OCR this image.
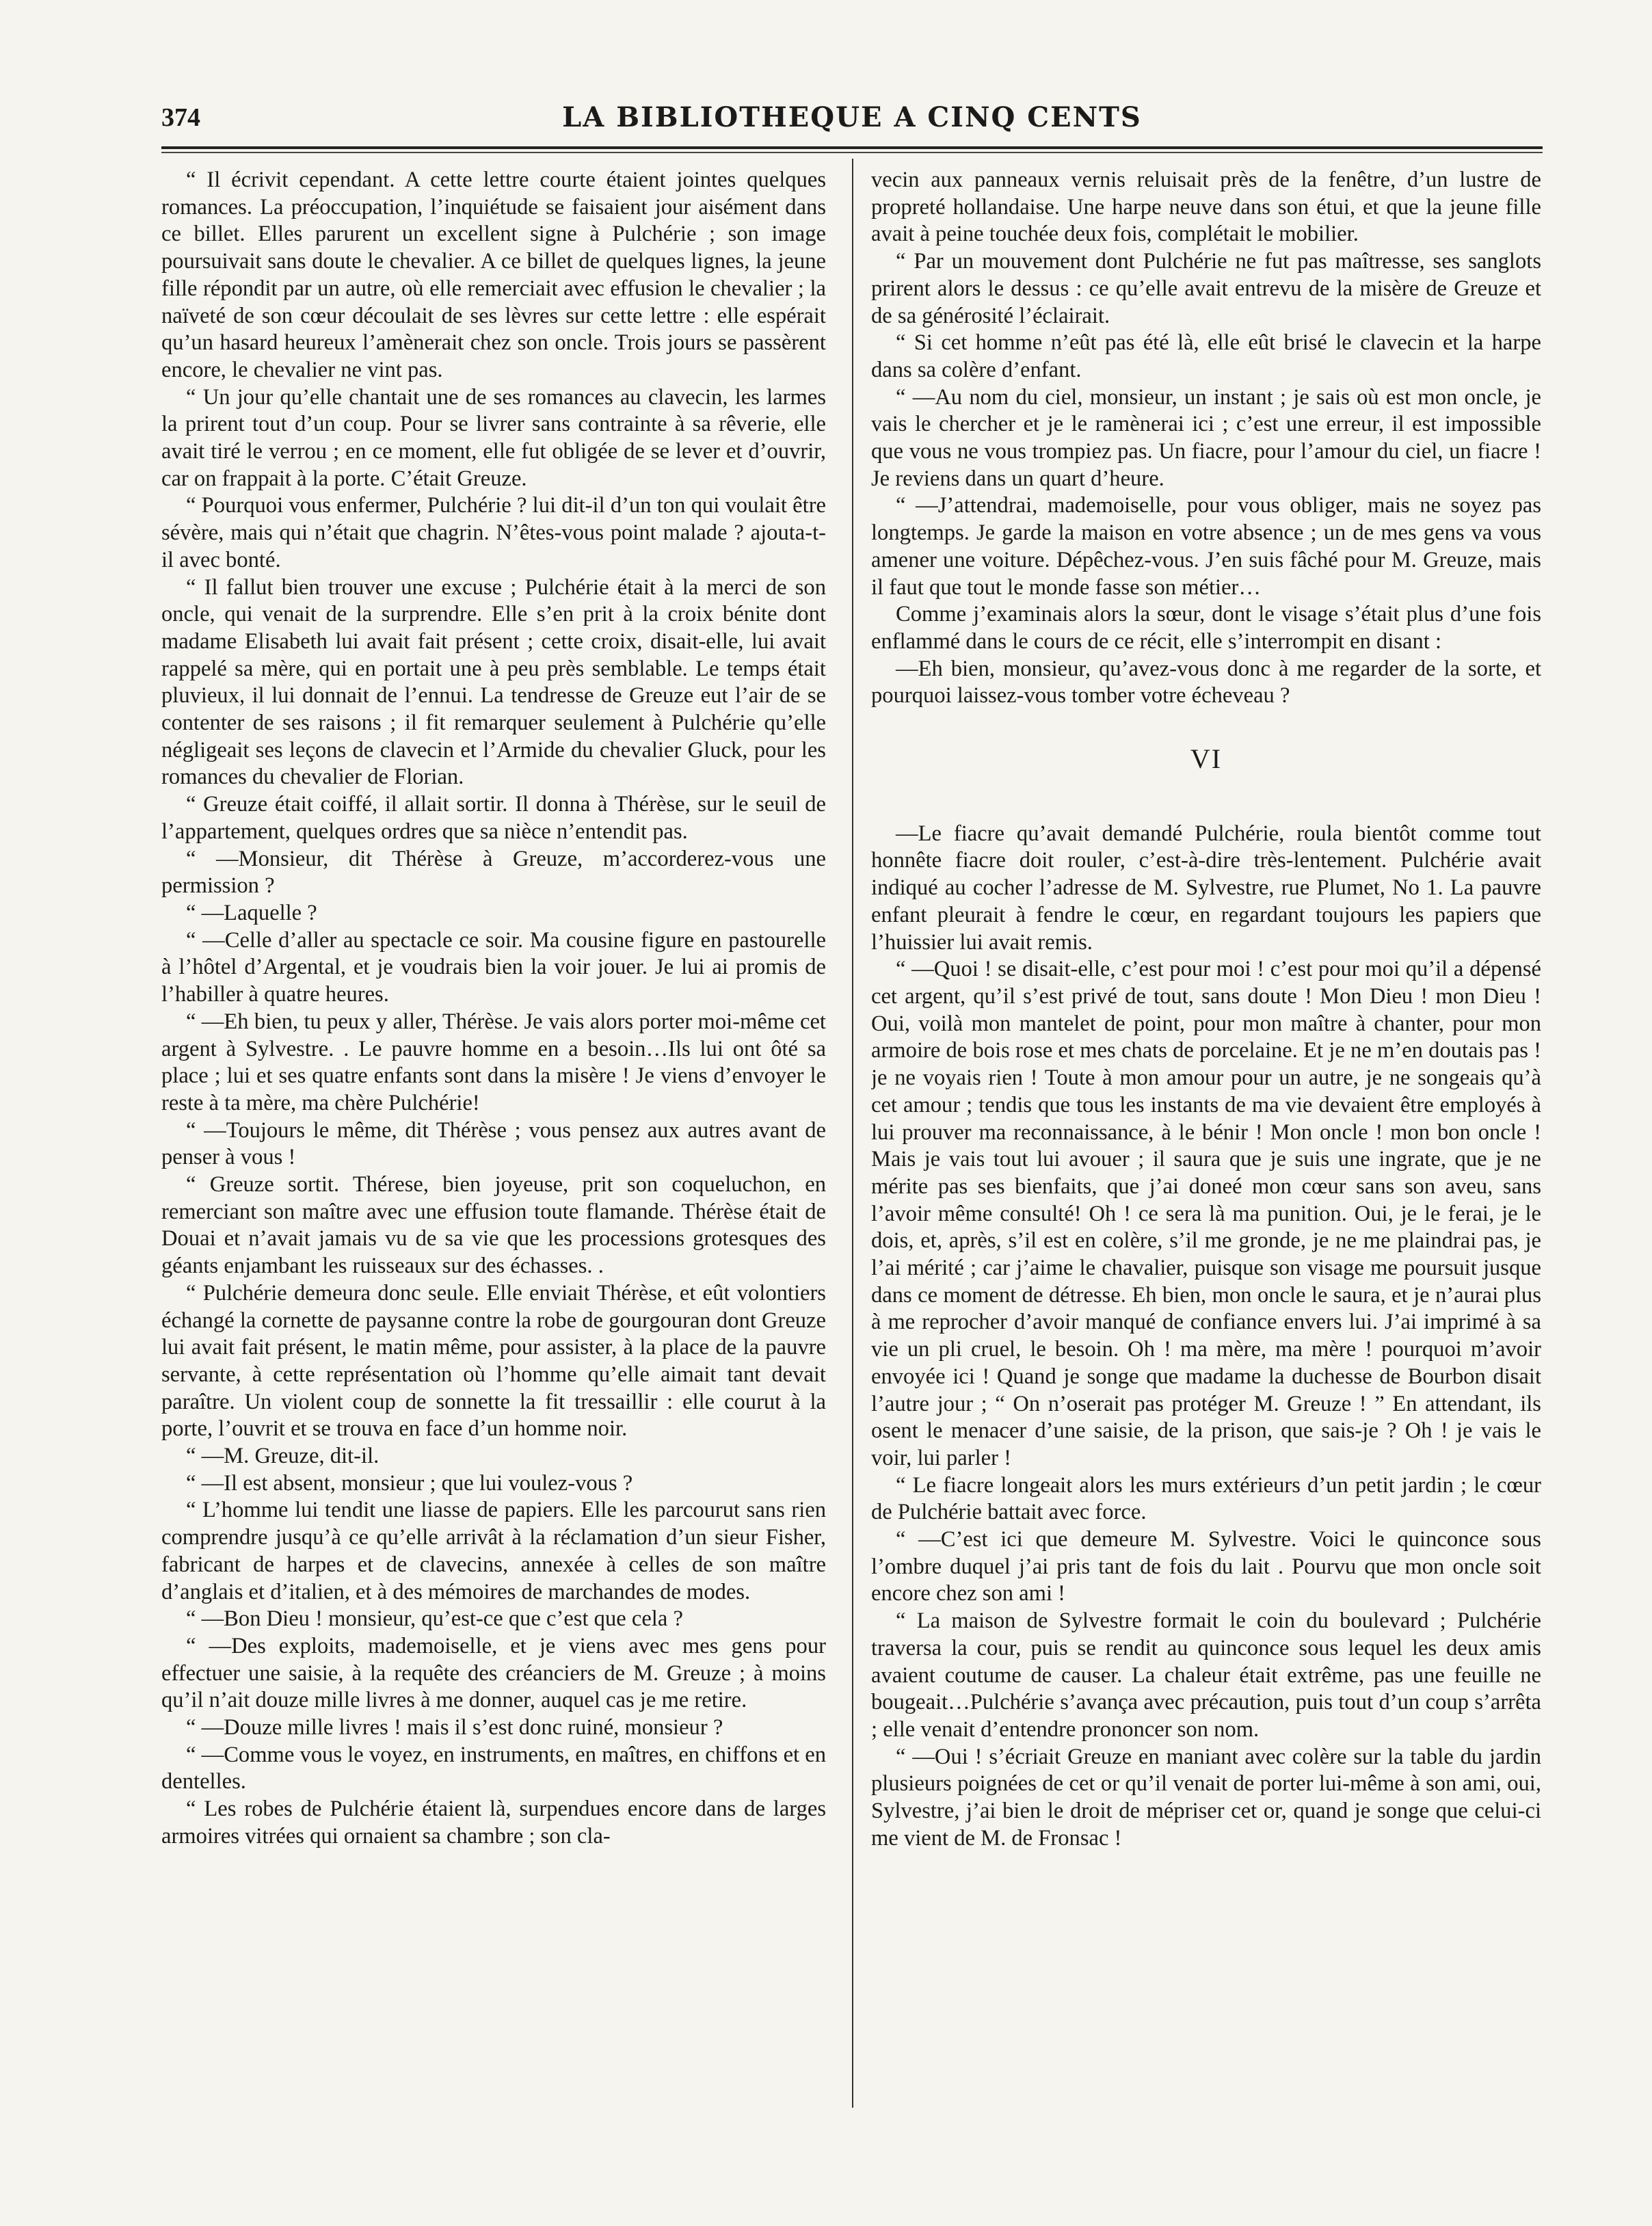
374	LA BIBLIOTHEQUE A CINQ CENTS

“ Il écrivit cependant. A cette lettre courte étaient jointes quelques romances. La préoccupation, l’inquiétude se faisaient jour aisément dans ce billet. Elles parurent un excellent signe à Pulchérie ; son image poursuivait sans doute le chevalier. A ce billet de quelques lignes, la jeune fille répondit par un autre, où elle remerciait avec effusion le chevalier ; la naïveté de son cœur découlait de ses lèvres sur cette lettre : elle espérait qu’un hasard heureux l’amènerait chez son oncle. Trois jours se passèrent encore, le chevalier ne vint pas.

“ Un jour qu’elle chantait une de ses romances au clavecin, les larmes la prirent tout d’un coup. Pour se livrer sans contrainte à sa rêverie, elle avait tiré le verrou ; en ce moment, elle fut obligée de se lever et d’ouvrir, car on frappait à la porte. C’était Greuze.

“ Pourquoi vous enfermer, Pulchérie ? lui dit-il d’un ton qui voulait être sévère, mais qui n’était que chagrin. N’êtes-vous point malade ? ajouta-t-il avec bonté.

“ Il fallut bien trouver une excuse ; Pulchérie était à la merci de son oncle, qui venait de la surprendre. Elle s’en prit à la croix bénite dont madame Elisabeth lui avait fait présent ; cette croix, disait-elle, lui avait rappelé sa mère, qui en portait une à peu près semblable. Le temps était pluvieux, il lui donnait de l’ennui. La tendresse de Greuze eut l’air de se contenter de ses raisons ; il fit remarquer seulement à Pulchérie qu’elle négligeait ses leçons de clavecin et l’Armide du chevalier Gluck, pour les romances du chevalier de Florian.

“ Greuze était coiffé, il allait sortir. Il donna à Thérèse, sur le seuil de l’appartement, quelques ordres que sa nièce n’entendit pas.

“ —Monsieur, dit Thérèse à Greuze, m’accorderez-vous une permission ?

“ —Laquelle ?

“ —Celle d’aller au spectacle ce soir. Ma cousine figure en pastourelle à l’hôtel d’Argental, et je voudrais bien la voir jouer. Je lui ai promis de l’habiller à quatre heures.

“ —Eh bien, tu peux y aller, Thérèse. Je vais alors porter moi-même cet argent à Sylvestre. . Le pauvre homme en a besoin…Ils lui ont ôté sa place ; lui et ses quatre enfants sont dans la misère ! Je viens d’envoyer le reste à ta mère, ma chère Pulchérie!

“ —Toujours le même, dit Thérèse ; vous pensez aux autres avant de penser à vous !

“ Greuze sortit. Thérese, bien joyeuse, prit son coqueluchon, en remerciant son maître avec une effusion toute flamande. Thérèse était de Douai et n’avait jamais vu de sa vie que les processions grotesques des géants enjambant les ruisseaux sur des échasses. .

“ Pulchérie demeura donc seule. Elle enviait Thérèse, et eût volontiers échangé la cornette de paysanne contre la robe de gourgouran dont Greuze lui avait fait présent, le matin même, pour assister, à la place de la pauvre servante, à cette représentation où l’homme qu’elle aimait tant devait paraître. Un violent coup de sonnette la fit tressaillir : elle courut à la porte, l’ouvrit et se trouva en face d’un homme noir.

“ —M. Greuze, dit-il.

“ —Il est absent, monsieur ; que lui voulez-vous ?

“ L’homme lui tendit une liasse de papiers. Elle les parcourut sans rien comprendre jusqu’à ce qu’elle arrivât à la réclamation d’un sieur Fisher, fabricant de harpes et de clavecins, annexée à celles de son maître d’anglais et d’italien, et à des mémoires de marchandes de modes.

“ —Bon Dieu ! monsieur, qu’est-ce que c’est que cela ?

“ —Des exploits, mademoiselle, et je viens avec mes gens pour effectuer une saisie, à la requête des créanciers de M. Greuze ; à moins qu’il n’ait douze mille livres à me donner, auquel cas je me retire.

“ —Douze mille livres ! mais il s’est donc ruiné, monsieur ?

“ —Comme vous le voyez, en instruments, en maîtres, en chiffons et en dentelles.

“ Les robes de Pulchérie étaient là, surpendues encore dans de larges armoires vitrées qui ornaient sa chambre ; son cla-

vecin aux panneaux vernis reluisait près de la fenêtre, d’un lustre de propreté hollandaise. Une harpe neuve dans son étui, et que la jeune fille avait à peine touchée deux fois, complétait le mobilier.

“ Par un mouvement dont Pulchérie ne fut pas maîtresse, ses sanglots prirent alors le dessus : ce qu’elle avait entrevu de la misère de Greuze et de sa générosité l’éclairait.

“ Si cet homme n’eût pas été là, elle eût brisé le clavecin et la harpe dans sa colère d’enfant.

“ —Au nom du ciel, monsieur, un instant ; je sais où est mon oncle, je vais le chercher et je le ramènerai ici ; c’est une erreur, il est impossible que vous ne vous trompiez pas. Un fiacre, pour l’amour du ciel, un fiacre ! Je reviens dans un quart d’heure.

“ —J’attendrai, mademoiselle, pour vous obliger, mais ne soyez pas longtemps. Je garde la maison en votre absence ; un de mes gens va vous amener une voiture. Dépêchez-vous. J’en suis fâché pour M. Greuze, mais il faut que tout le monde fasse son métier…

Comme j’examinais alors la sœur, dont le visage s’était plus d’une fois enflammé dans le cours de ce récit, elle s’interrompit en disant :

—Eh bien, monsieur, qu’avez-vous donc à me regarder de la sorte, et pourquoi laissez-vous tomber votre écheveau ?

VI

—Le fiacre qu’avait demandé Pulchérie, roula bientôt comme tout honnête fiacre doit rouler, c’est-à-dire très-lentement. Pulchérie avait indiqué au cocher l’adresse de M. Sylvestre, rue Plumet, No 1. La pauvre enfant pleurait à fendre le cœur, en regardant toujours les papiers que l’huissier lui avait remis.

“ —Quoi ! se disait-elle, c’est pour moi ! c’est pour moi qu’il a dépensé cet argent, qu’il s’est privé de tout, sans doute ! Mon Dieu ! mon Dieu ! Oui, voilà mon mantelet de point, pour mon maître à chanter, pour mon armoire de bois rose et mes chats de porcelaine. Et je ne m’en doutais pas ! je ne voyais rien ! Toute à mon amour pour un autre, je ne songeais qu’à cet amour ; tendis que tous les instants de ma vie devaient être employés à lui prouver ma reconnaissance, à le bénir ! Mon oncle ! mon bon oncle ! Mais je vais tout lui avouer ; il saura que je suis une ingrate, que je ne mérite pas ses bienfaits, que j’ai doneé mon cœur sans son aveu, sans l’avoir même consulté! Oh ! ce sera là ma punition. Oui, je le ferai, je le dois, et, après, s’il est en colère, s’il me gronde, je ne me plaindrai pas, je l’ai mérité ; car j’aime le chavalier, puisque son visage me poursuit jusque dans ce moment de détresse. Eh bien, mon oncle le saura, et je n’aurai plus à me reprocher d’avoir manqué de confiance envers lui. J’ai imprimé à sa vie un pli cruel, le besoin. Oh ! ma mère, ma mère ! pourquoi m’avoir envoyée ici ! Quand je songe que madame la duchesse de Bourbon disait l’autre jour ; “ On n’oserait pas protéger M. Greuze ! ” En attendant, ils osent le menacer d’une saisie, de la prison, que sais-je ? Oh ! je vais le voir, lui parler !

“ Le fiacre longeait alors les murs extérieurs d’un petit jardin ; le cœur de Pulchérie battait avec force.

“ —C’est ici que demeure M. Sylvestre. Voici le quinconce sous l’ombre duquel j’ai pris tant de fois du lait . Pourvu que mon oncle soit encore chez son ami !

“ La maison de Sylvestre formait le coin du boulevard ; Pulchérie traversa la cour, puis se rendit au quinconce sous lequel les deux amis avaient coutume de causer. La chaleur était extrême, pas une feuille ne bougeait…Pulchérie s’avança avec précaution, puis tout d’un coup s’arrêta ; elle venait d’entendre prononcer son nom.

“ —Oui ! s’écriait Greuze en maniant avec colère sur la table du jardin plusieurs poignées de cet or qu’il venait de porter lui-même à son ami, oui, Sylvestre, j’ai bien le droit de mépriser cet or, quand je songe que celui-ci me vient de M. de Fronsac !
